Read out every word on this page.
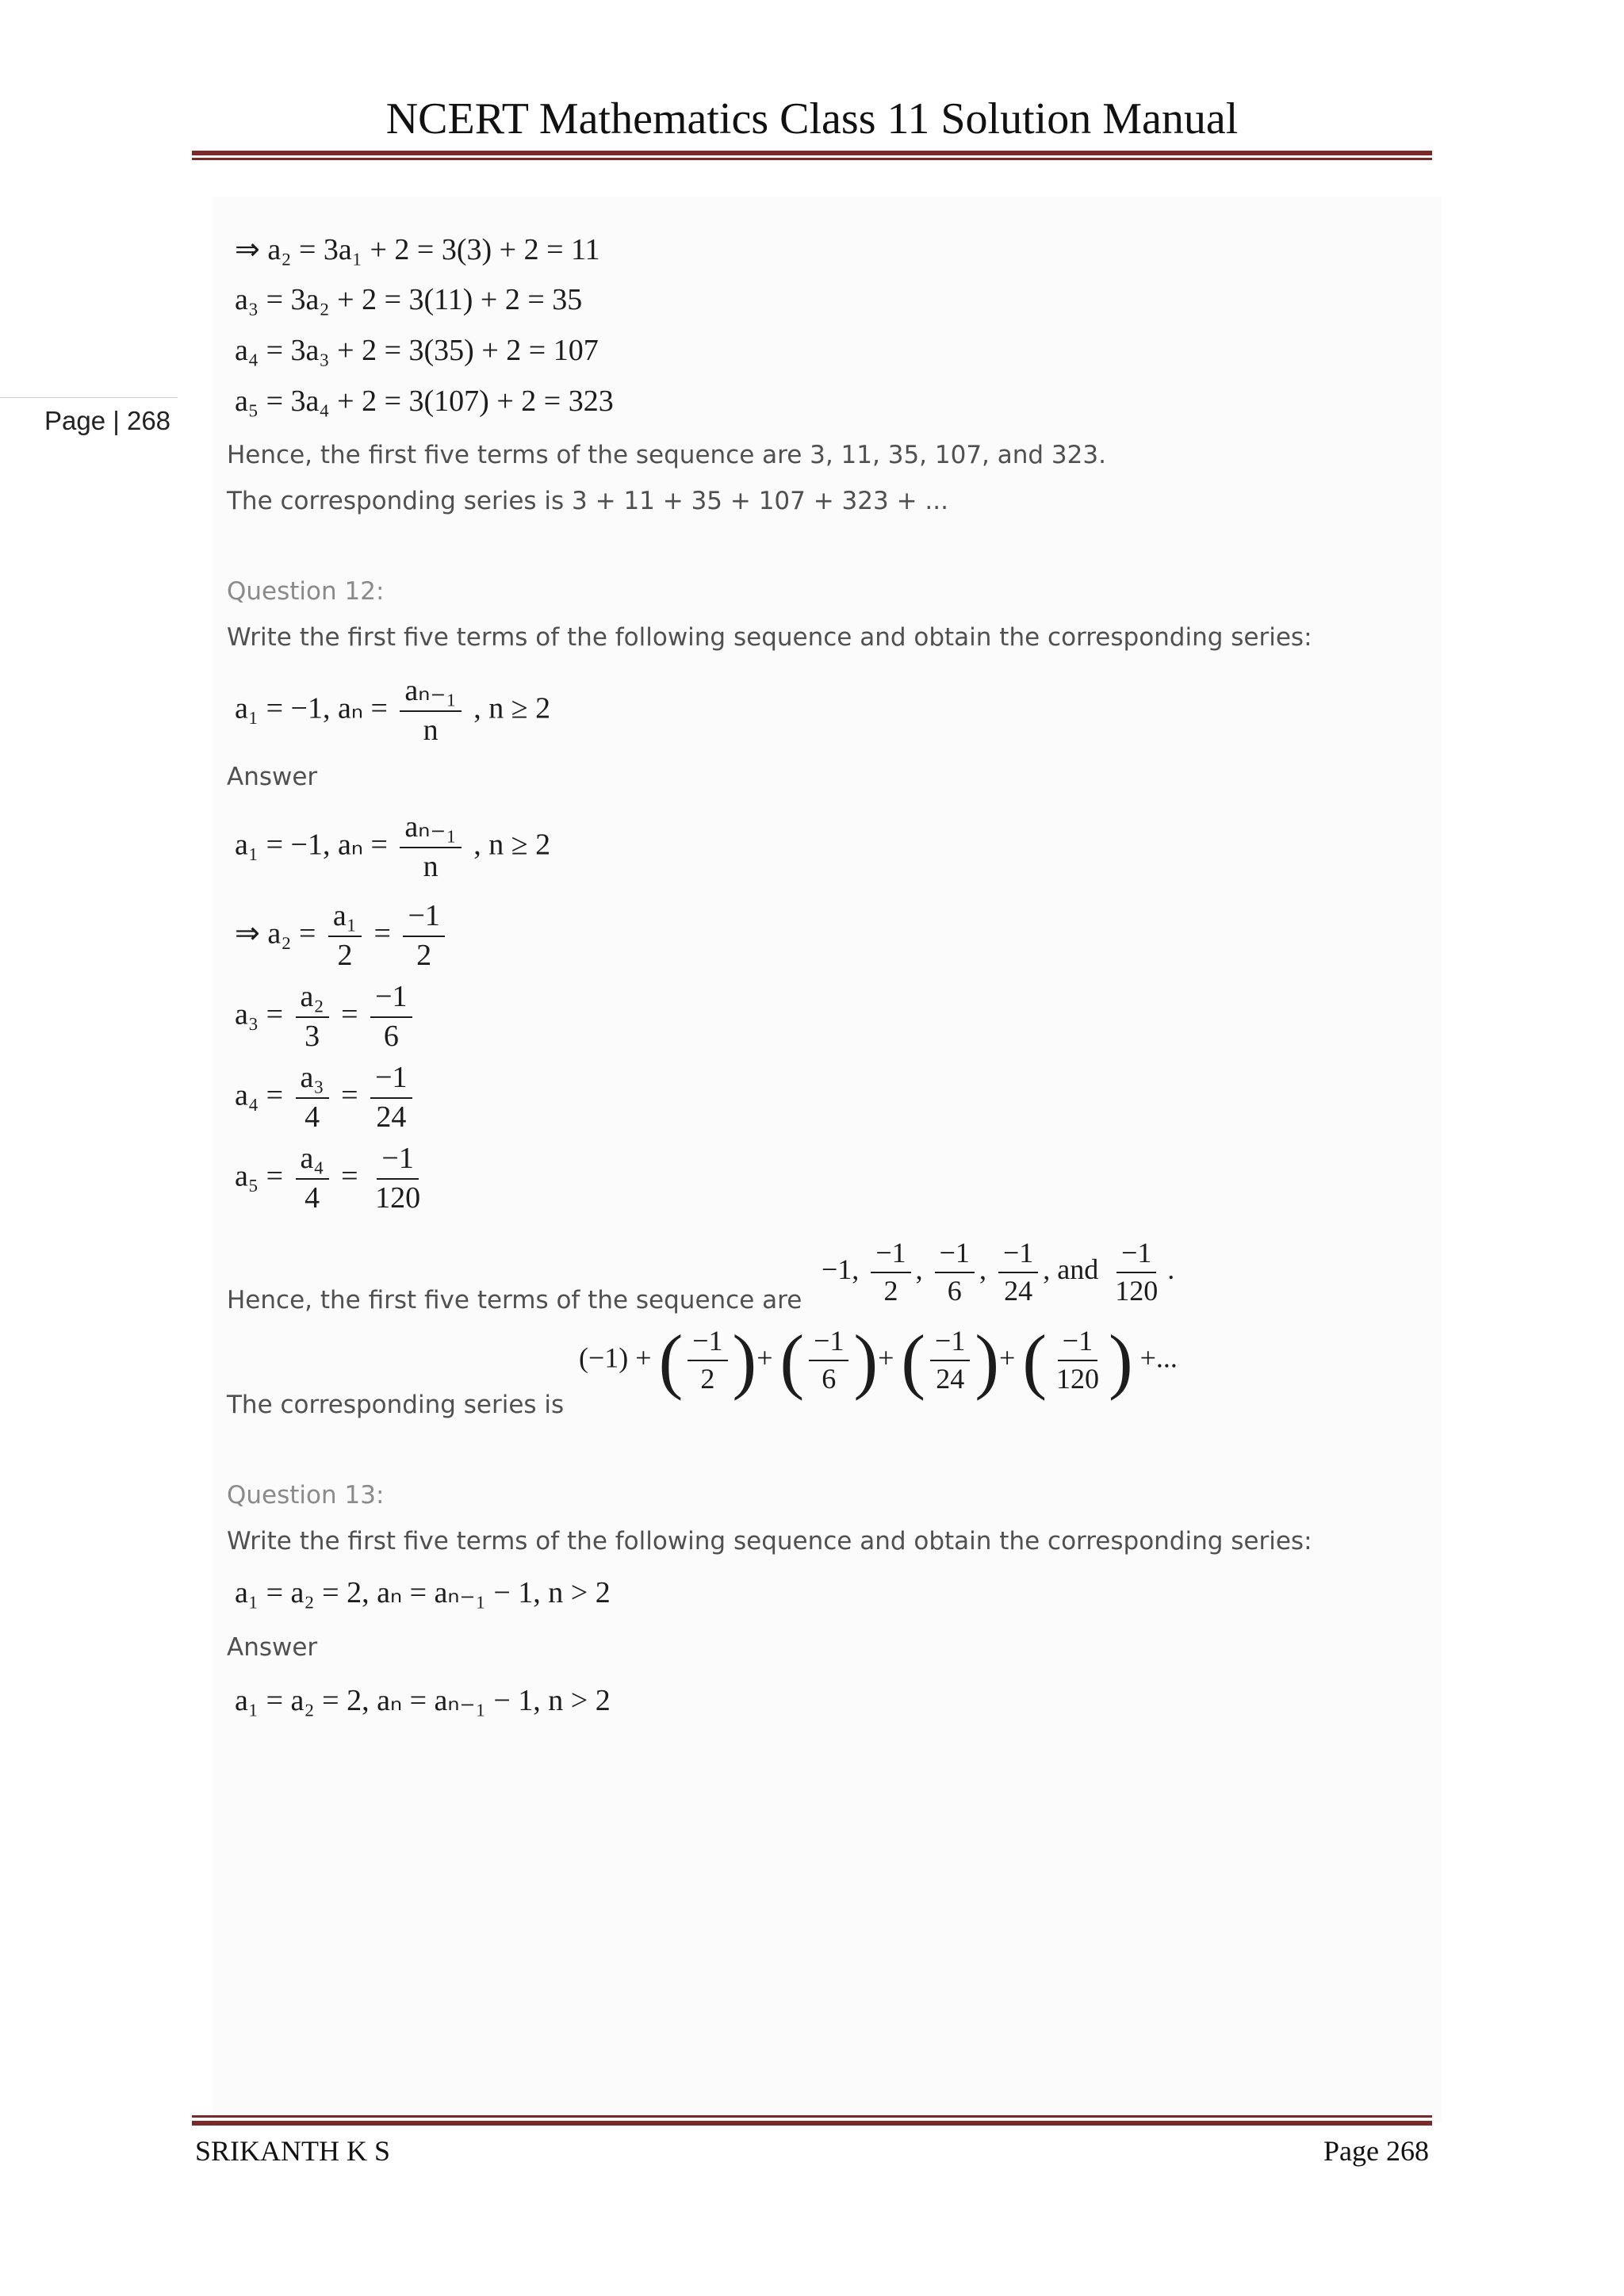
NCERT Mathematics Class 11 Solution Manual
Page | 268
⇒ a₂ = 3a₁ + 2 = 3(3) + 2 = 11
a₃ = 3a₂ + 2 = 3(11) + 2 = 35
a₄ = 3a₃ + 2 = 3(35) + 2 = 107
a₅ = 3a₄ + 2 = 3(107) + 2 = 323
Hence, the first five terms of the sequence are 3, 11, 35, 107, and 323.
The corresponding series is 3 + 11 + 35 + 107 + 323 + ...
Question 12:
Write the first five terms of the following sequence and obtain the corresponding series:
a₁ = −1, $a_n = \frac{\text{aₙ₋₁}}{n}$ , n ≥ 2
Answer
a₁ = −1, $a_n = \frac{\text{aₙ₋₁}}{n}$ , n ≥ 2
⇒ $a_2 = \frac{\text{a₁}}{2} = \frac{-1}{2}$
$a_3 = \frac{\text{a₂}}{3} = \frac{-1}{6}$
$a_4 = \frac{\text{a₃}}{4} = \frac{-1}{24}$
$a_5 = \frac{\text{a₄}}{4} = \frac{-1}{120}$
Hence, the first five terms of the sequence are
−1, $\frac{-1}{2}$ , $\frac{-1}{6}$ , $\frac{-1}{24}$ , and $\frac{-1}{120}$ .
The corresponding series is
(−1) + ( $\frac{-1}{2}$ )+ ( $\frac{-1}{6}$ )+ ( $\frac{-1}{24}$ )+ ( $\frac{-1}{120}$ ) +...
Question 13:
Write the first five terms of the following sequence and obtain the corresponding series:
a₁ = a₂ = 2, aₙ = aₙ₋₁ − 1, n > 2
Answer
a₁ = a₂ = 2, aₙ = aₙ₋₁ − 1, n > 2
SRIKANTH K S	Page 268
